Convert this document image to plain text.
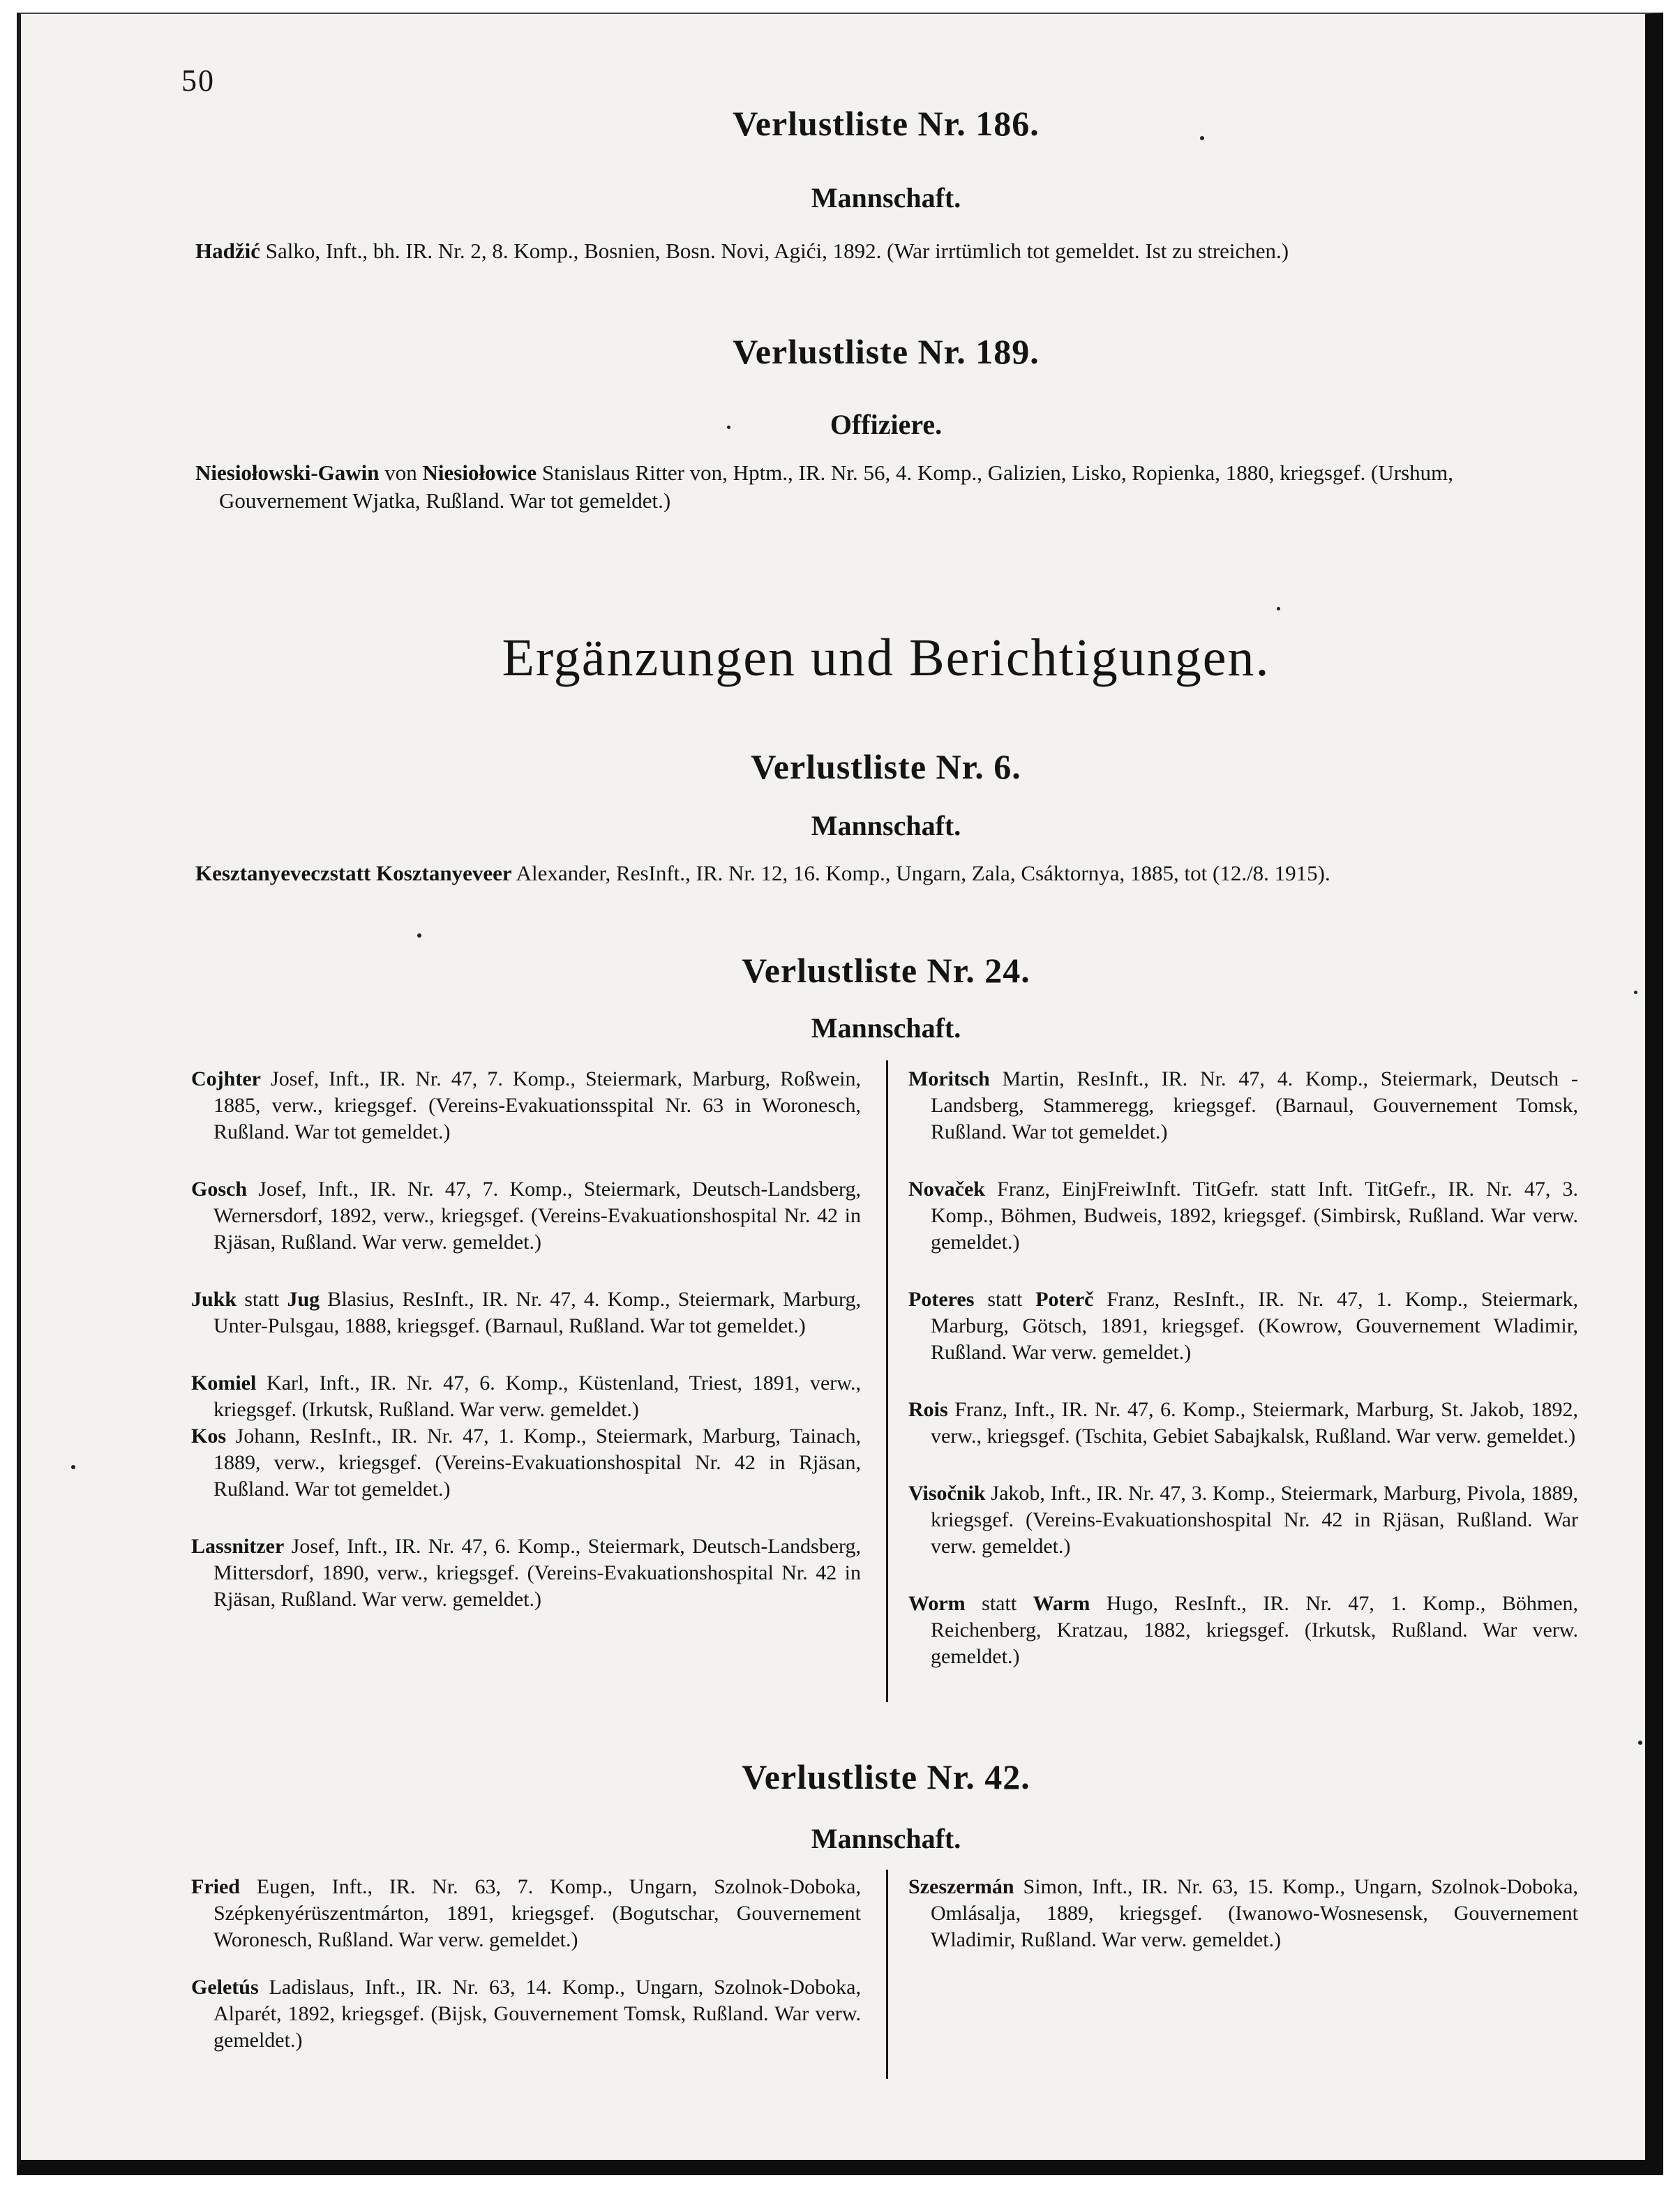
50
Verlustliste Nr. 186.
Mannschaft.
Hadžić Salko, Inft., bh. IR. Nr. 2, 8. Komp., Bosnien, Bosn. Novi, Agići, 1892. (War irrtümlich tot gemeldet. Ist zu streichen.)
Verlustliste Nr. 189.
Offiziere.
Niesiołowski-Gawin von Niesiołowice Stanislaus Ritter von, Hptm., IR. Nr. 56, 4. Komp., Galizien, Lisko, Ropienka, 1880, kriegsgef. (Urshum, Gouvernement Wjatka, Rußland. War tot gemeldet.)
Ergänzungen und Berichtigungen.
Verlustliste Nr. 6.
Mannschaft.
Kesztanyeveczstatt Kosztanyeveer Alexander, ResInft., IR. Nr. 12, 16. Komp., Ungarn, Zala, Csáktornya, 1885, tot (12./8. 1915).
Verlustliste Nr. 24.
Mannschaft.
Cojhter Josef, Inft., IR. Nr. 47, 7. Komp., Steiermark, Marburg, Roßwein, 1885, verw., kriegsgef. (Vereins-Evakuationsspital Nr. 63 in Woronesch, Rußland. War tot gemeldet.)
Gosch Josef, Inft., IR. Nr. 47, 7. Komp., Steiermark, Deutsch-Landsberg, Wernersdorf, 1892, verw., kriegsgef. (Vereins-Evakuationshospital Nr. 42 in Rjäsan, Rußland. War verw. gemeldet.)
Jukk statt Jug Blasius, ResInft., IR. Nr. 47, 4. Komp., Steiermark, Marburg, Unter-Pulsgau, 1888, kriegsgef. (Barnaul, Rußland. War tot gemeldet.)
Komiel Karl, Inft., IR. Nr. 47, 6. Komp., Küstenland, Triest, 1891, verw., kriegsgef. (Irkutsk, Rußland. War verw. gemeldet.)
Kos Johann, ResInft., IR. Nr. 47, 1. Komp., Steiermark, Marburg, Tainach, 1889, verw., kriegsgef. (Vereins-Evakuationshospital Nr. 42 in Rjäsan, Rußland. War tot gemeldet.)
Lassnitzer Josef, Inft., IR. Nr. 47, 6. Komp., Steiermark, Deutsch-Landsberg, Mittersdorf, 1890, verw., kriegsgef. (Vereins-Evakuationshospital Nr. 42 in Rjäsan, Rußland. War verw. gemeldet.)
Moritsch Martin, ResInft., IR. Nr. 47, 4. Komp., Steiermark, Deutsch - Landsberg, Stammeregg, kriegsgef. (Barnaul, Gouvernement Tomsk, Rußland. War tot gemeldet.)
Novaček Franz, EinjFreiwInft. TitGefr. statt Inft. TitGefr., IR. Nr. 47, 3. Komp., Böhmen, Budweis, 1892, kriegsgef. (Simbirsk, Rußland. War verw. gemeldet.)
Poteres statt Poterč Franz, ResInft., IR. Nr. 47, 1. Komp., Steiermark, Marburg, Götsch, 1891, kriegsgef. (Kowrow, Gouvernement Wladimir, Rußland. War verw. gemeldet.)
Rois Franz, Inft., IR. Nr. 47, 6. Komp., Steiermark, Marburg, St. Jakob, 1892, verw., kriegsgef. (Tschita, Gebiet Sabajkalsk, Rußland. War verw. gemeldet.)
Visočnik Jakob, Inft., IR. Nr. 47, 3. Komp., Steiermark, Marburg, Pivola, 1889, kriegsgef. (Vereins-Evakuationshospital Nr. 42 in Rjäsan, Rußland. War verw. gemeldet.)
Worm statt Warm Hugo, ResInft., IR. Nr. 47, 1. Komp., Böhmen, Reichenberg, Kratzau, 1882, kriegsgef. (Irkutsk, Rußland. War verw. gemeldet.)
Verlustliste Nr. 42.
Mannschaft.
Fried Eugen, Inft., IR. Nr. 63, 7. Komp., Ungarn, Szolnok-Doboka, Szépkenyérüszentmárton, 1891, kriegsgef. (Bogutschar, Gouvernement Woronesch, Rußland. War verw. gemeldet.)
Geletús Ladislaus, Inft., IR. Nr. 63, 14. Komp., Ungarn, Szolnok-Doboka, Alparét, 1892, kriegsgef. (Bijsk, Gouvernement Tomsk, Rußland. War verw. gemeldet.)
Szeszermán Simon, Inft., IR. Nr. 63, 15. Komp., Ungarn, Szolnok-Doboka, Omlásalja, 1889, kriegsgef. (Iwanowo-Wosnesensk, Gouvernement Wladimir, Rußland. War verw. gemeldet.)
